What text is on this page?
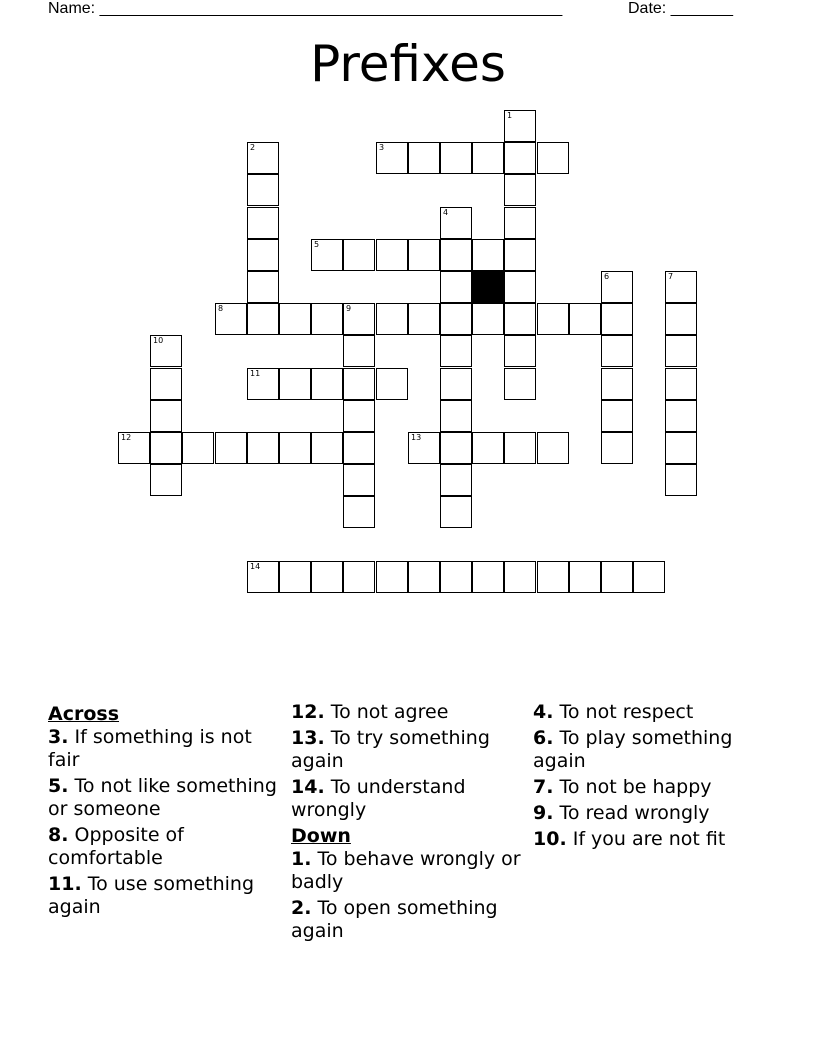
Name: ____________________________________________________	Date: _______
Prefixes
1
2	3
4
5
6	7
8	9
10
11
12	13
14
Across
3. If something is not fair
5. To not like something or someone
8. Opposite of comfortable
11. To use something again
12. To not agree
13. To try something again
14. To understand wrongly
Down
1. To behave wrongly or badly
2. To open something again
4. To not respect
6. To play something again
7. To not be happy
9. To read wrongly
10. If you are not fit
